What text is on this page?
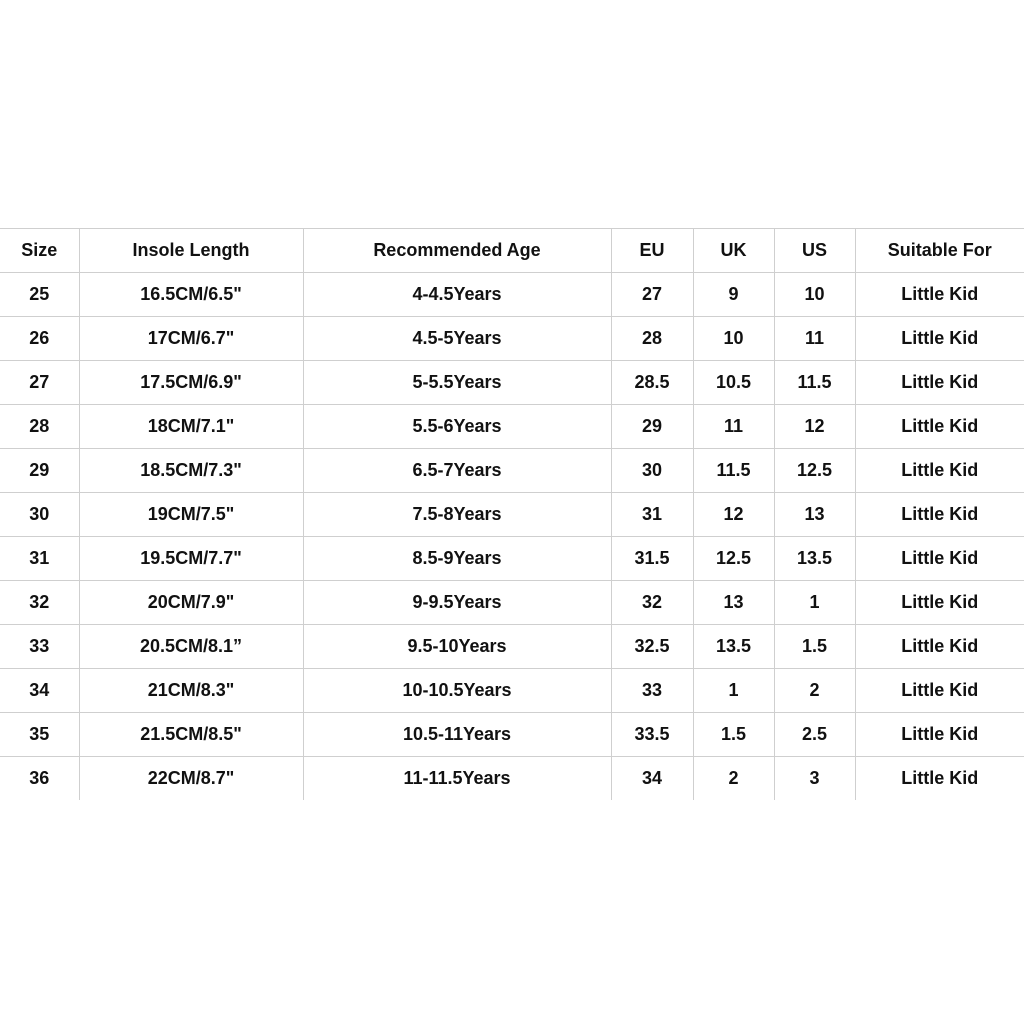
Size	Insole Length	Recommended Age	EU	UK	US	Suitable For
25	16.5CM/6.5"	4-4.5Years	27	9	10	Little Kid
26	17CM/6.7"	4.5-5Years	28	10	11	Little Kid
27	17.5CM/6.9"	5-5.5Years	28.5	10.5	11.5	Little Kid
28	18CM/7.1"	5.5-6Years	29	11	12	Little Kid
29	18.5CM/7.3"	6.5-7Years	30	11.5	12.5	Little Kid
30	19CM/7.5"	7.5-8Years	31	12	13	Little Kid
31	19.5CM/7.7"	8.5-9Years	31.5	12.5	13.5	Little Kid
32	20CM/7.9"	9-9.5Years	32	13	1	Little Kid
33	20.5CM/8.1”	9.5-10Years	32.5	13.5	1.5	Little Kid
34	21CM/8.3"	10-10.5Years	33	1	2	Little Kid
35	21.5CM/8.5"	10.5-11Years	33.5	1.5	2.5	Little Kid
36	22CM/8.7"	11-11.5Years	34	2	3	Little Kid
